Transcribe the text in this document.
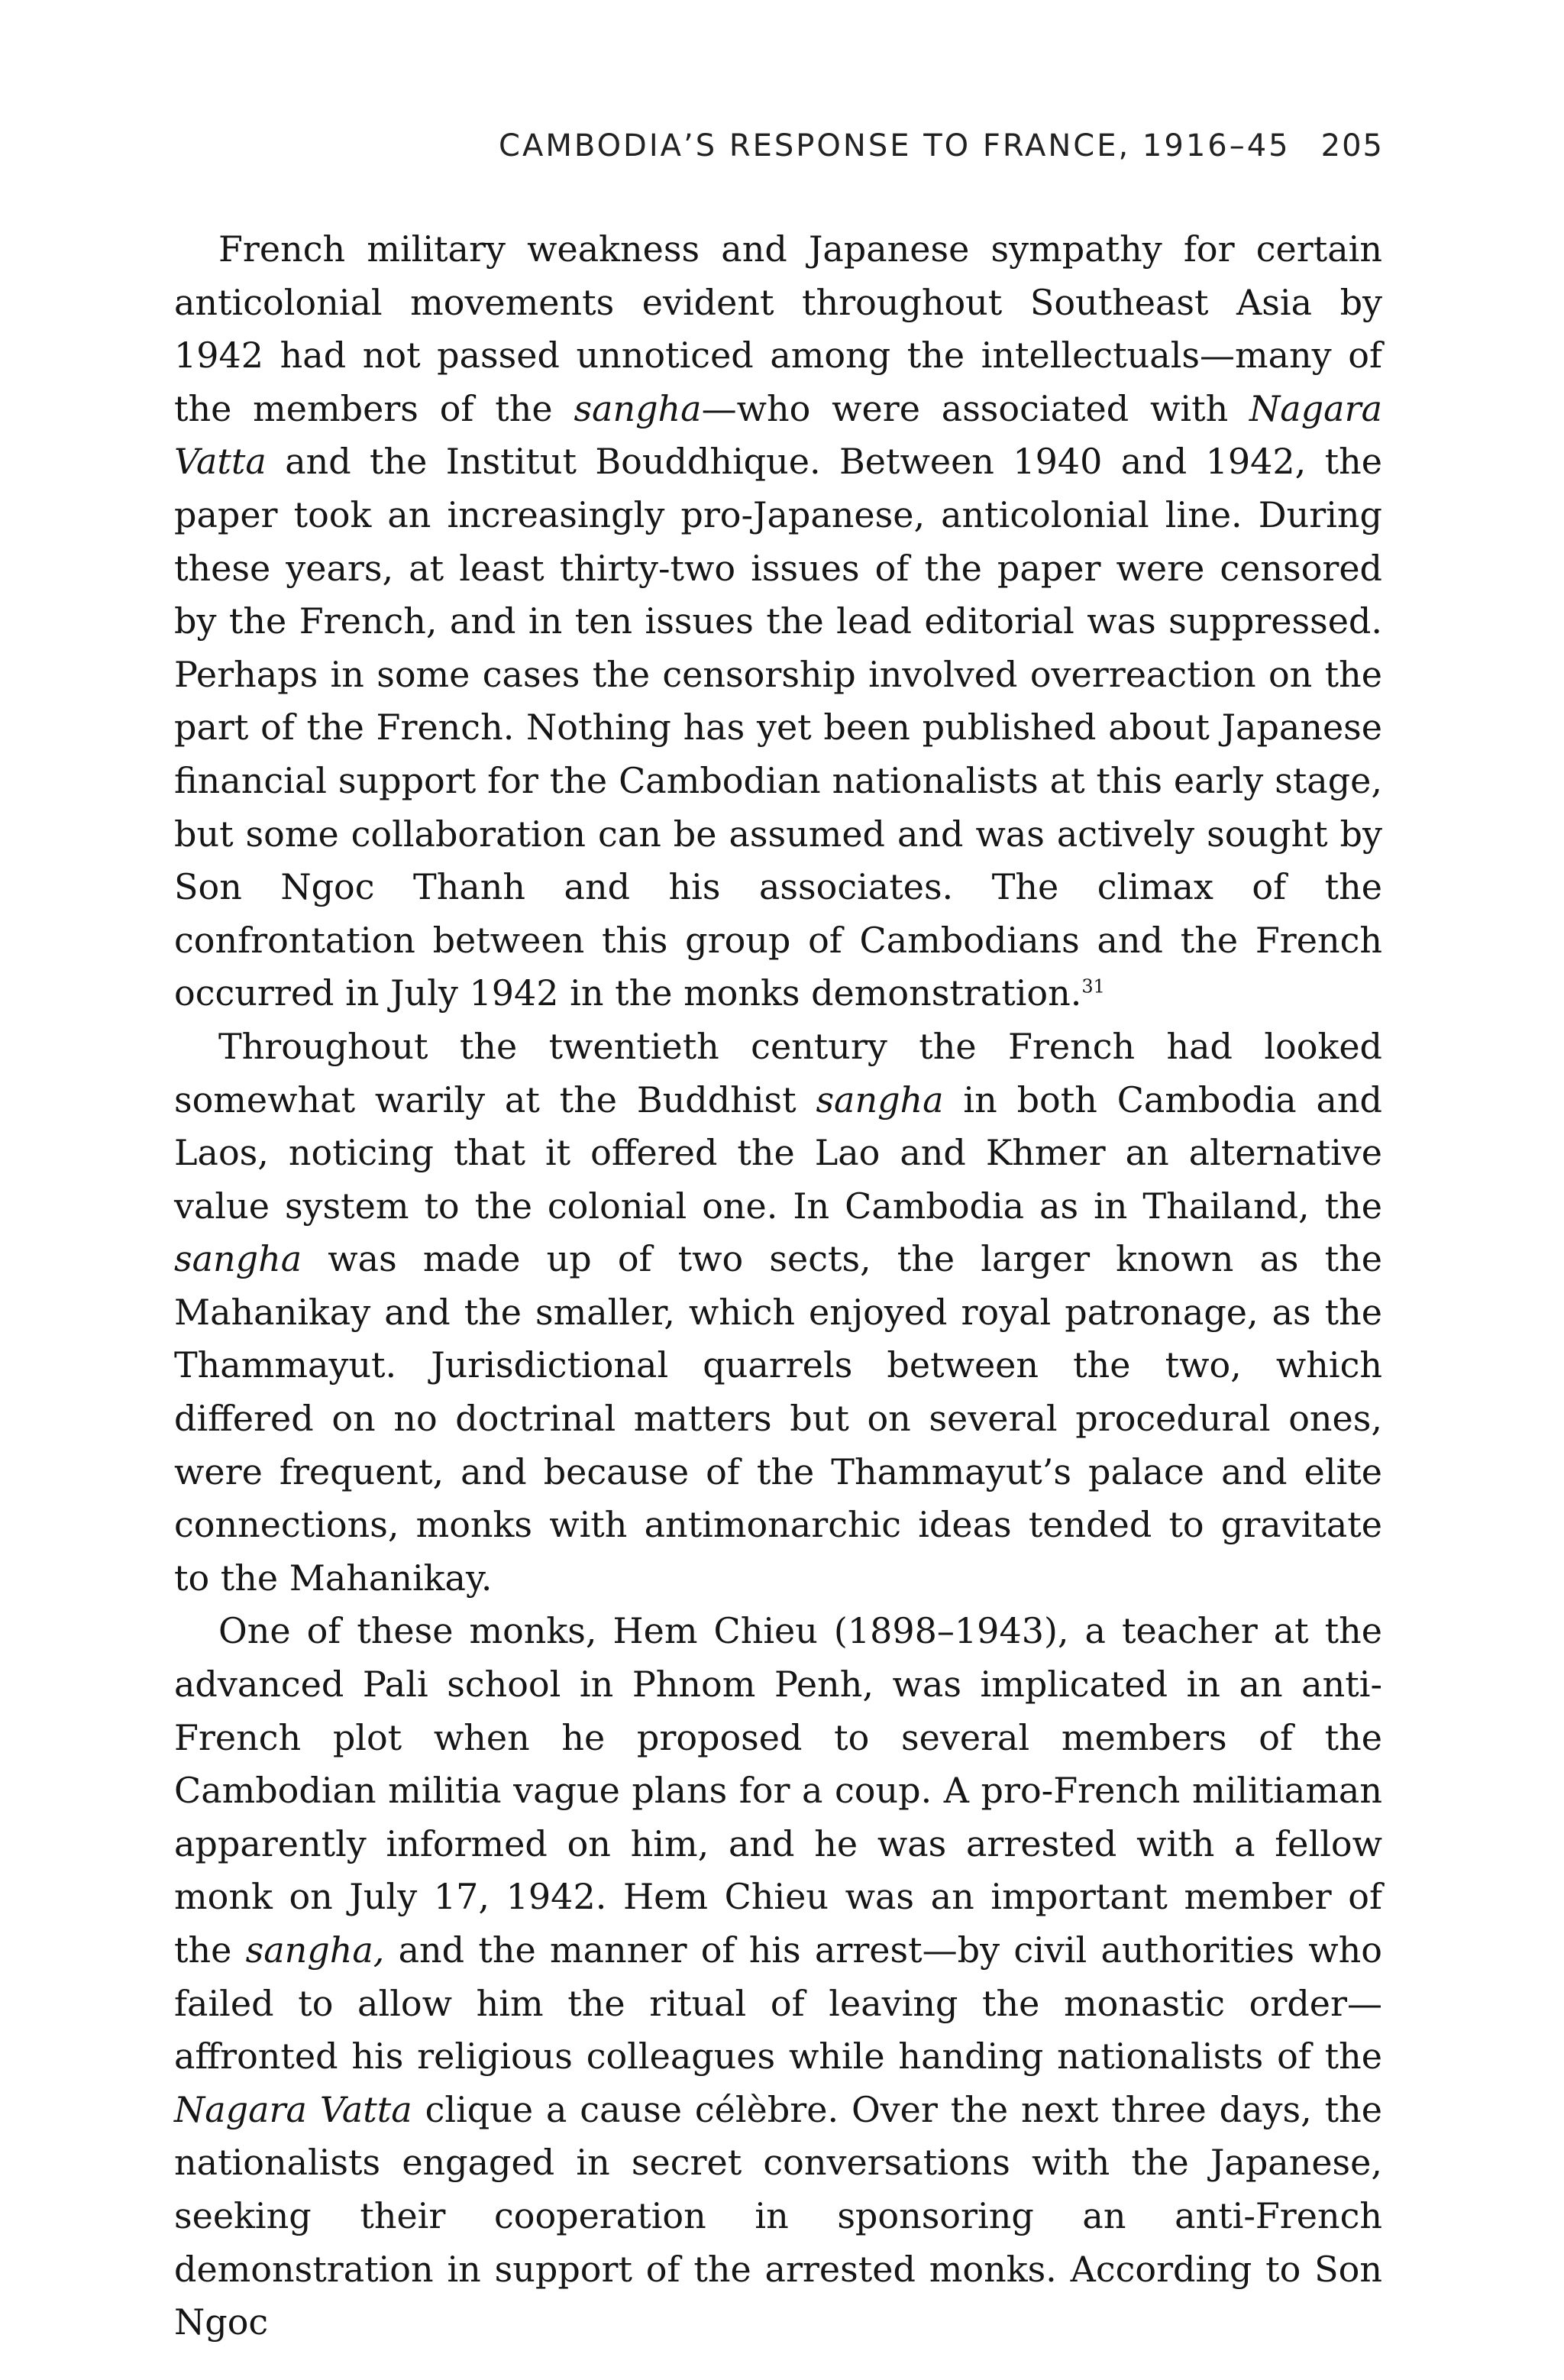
CAMBODIA’S RESPONSE TO FRANCE, 1916–45 205

French military weakness and Japanese sympathy for certain anticolonial movements evident throughout Southeast Asia by 1942 had not passed unnoticed among the intellectuals—many of the members of the sangha—who were associated with Nagara Vatta and the Institut Bouddhique. Between 1940 and 1942, the paper took an increasingly pro-Japanese, anticolonial line. During these years, at least thirty-two issues of the paper were censored by the French, and in ten issues the lead editorial was suppressed. Perhaps in some cases the censorship involved overreaction on the part of the French. Nothing has yet been published about Japanese financial support for the Cambodian nationalists at this early stage, but some collaboration can be assumed and was actively sought by Son Ngoc Thanh and his associates. The climax of the confrontation between this group of Cambodians and the French occurred in July 1942 in the monks demonstration.$^{31}$

Throughout the twentieth century the French had looked somewhat warily at the Buddhist sangha in both Cambodia and Laos, noticing that it offered the Lao and Khmer an alternative value system to the colonial one. In Cambodia as in Thailand, the sangha was made up of two sects, the larger known as the Mahanikay and the smaller, which enjoyed royal patronage, as the Thammayut. Jurisdictional quarrels between the two, which differed on no doctrinal matters but on several procedural ones, were frequent, and because of the Thammayut’s palace and elite connections, monks with antimonarchic ideas tended to gravitate to the Mahanikay.

One of these monks, Hem Chieu (1898–1943), a teacher at the advanced Pali school in Phnom Penh, was implicated in an anti-French plot when he proposed to several members of the Cambodian militia vague plans for a coup. A pro-French militiaman apparently informed on him, and he was arrested with a fellow monk on July 17, 1942. Hem Chieu was an important member of the sangha, and the manner of his arrest—by civil authorities who failed to allow him the ritual of leaving the monastic order—affronted his religious colleagues while handing nationalists of the Nagara Vatta clique a cause célèbre. Over the next three days, the nationalists engaged in secret conversations with the Japanese, seeking their cooperation in sponsoring an anti-French demonstration in support of the arrested monks. According to Son Ngoc
